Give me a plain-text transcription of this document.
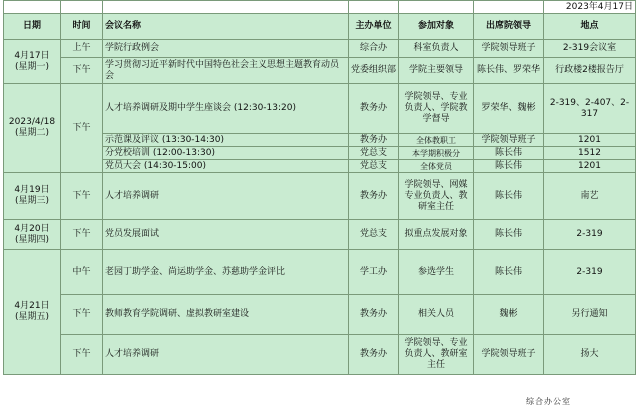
						2023年4月17日
日期	时间	会议名称	主办单位	参加对象	出席院领导	地点
4月17日
(星期一)	上午	学院行政例会	综合办	科室负责人	学院领导班子	2-319会议室
	下午	学习贯彻习近平新时代中国特色社会主义思想主题教育动员会	党委组织部	学院主要领导	陈长伟、罗荣华	行政楼2楼报告厅
2023/4/18
(星期二)	下午	人才培养调研及期中学生座谈会 (12:30-13:20)	教务办	学院领导、专业负责人、学院教学督导	罗荣华、魏彬	2-319、2-407、2-317
		示范课及评议 (13:30-14:30)	教务办	全体教职工	学院领导班子	1201
		分党校培训 (12:00-13:30)	党总支	本学期积极分	陈长伟	1512
		党员大会 (14:30-15:00)	党总支	全体党员	陈长伟	1201
4月19日
(星期三)	下午	人才培养调研	教务办	学院领导、网媒专业负责人、教研室主任	陈长伟	南艺
4月20日
(星期四)	下午	党员发展面试	党总支	拟重点发展对象	陈长伟	2-319
4月21日
(星期五)	中午	老园丁助学金、尚运助学金、苏慈助学金评比	学工办	参选学生	陈长伟	2-319
	下午	教师教育学院调研、虚拟教研室建设	教务办	相关人员	魏彬	另行通知
	下午	人才培养调研	教务办	学院领导、专业负责人、教研室主任	学院领导班子	扬大
综合办公室
